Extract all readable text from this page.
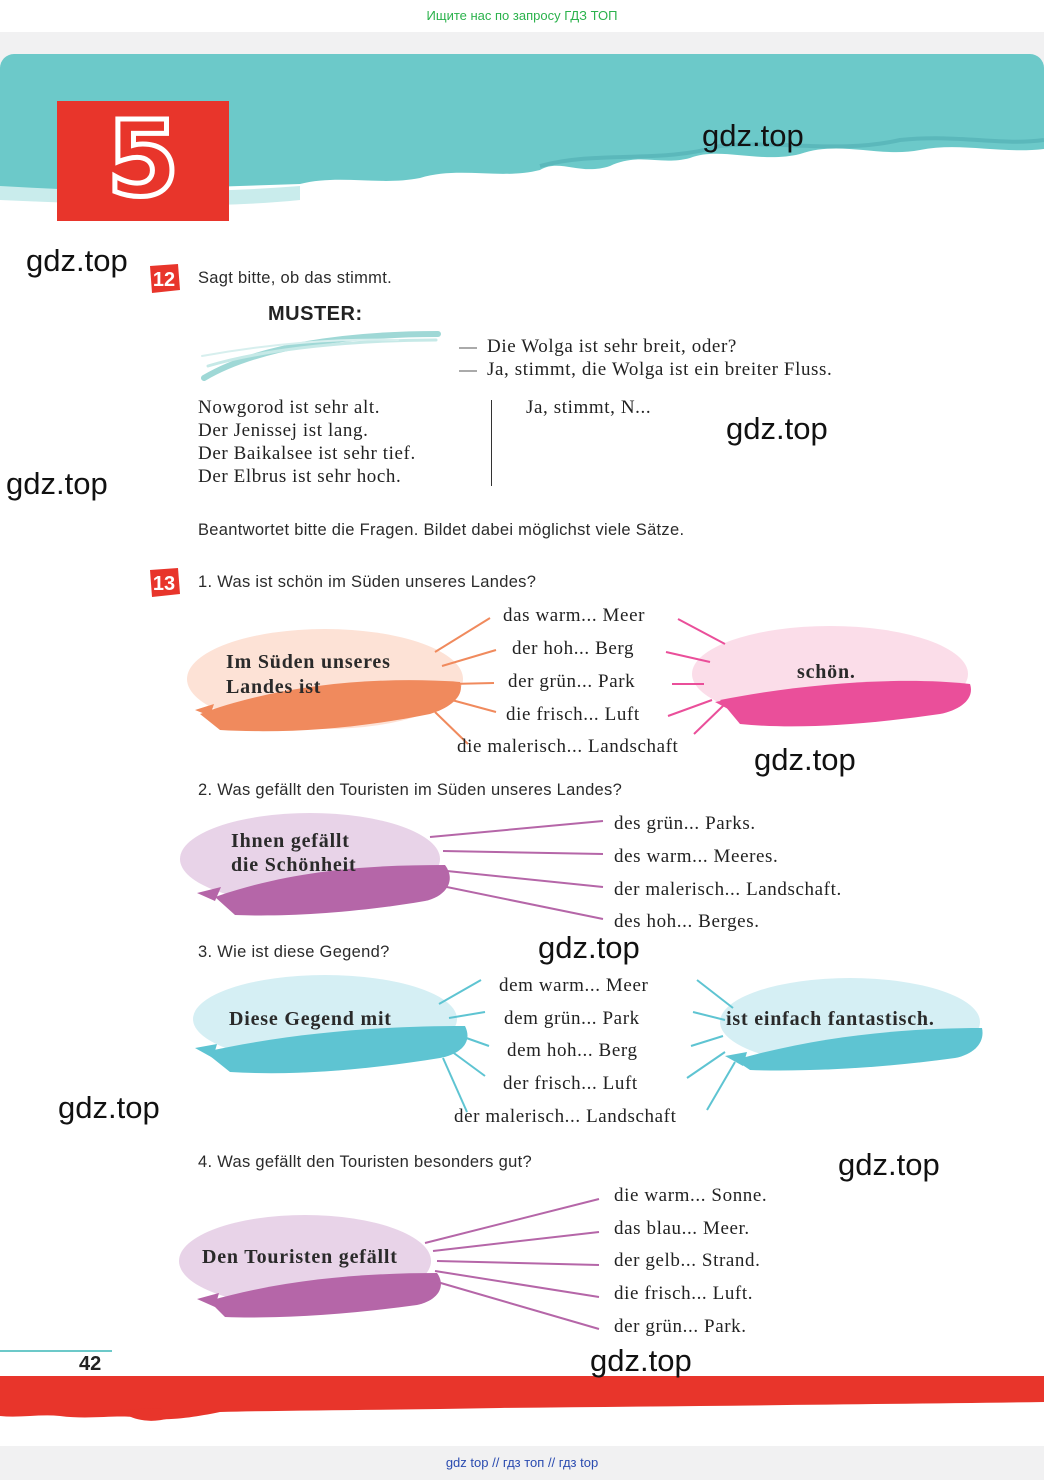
Ищите нас по запросу ГДЗ ТОП
5
12 Sagt bitte, ob das stimmt.
MUSTER:
Die Wolga ist sehr breit, oder?
Ja, stimmt, die Wolga ist ein breiter Fluss.
Nowgorod ist sehr alt.
Der Jenissej ist lang.
Der Baikalsee ist sehr tief.
Der Elbrus ist sehr hoch.
Ja, stimmt, N...
Beantwortet bitte die Fragen. Bildet dabei möglichst viele Sätze.
13 1. Was ist schön im Süden unseres Landes?
Im Süden unseres
Landes ist
das warm... Meer
der hoh... Berg
der grün... Park
die frisch... Luft
die malerisch... Landschaft
schön.
2. Was gefällt den Touristen im Süden unseres Landes?
Ihnen gefällt
die Schönheit
des grün... Parks.
des warm... Meeres.
der malerisch... Landschaft.
des hoh... Berges.
3. Wie ist diese Gegend?
Diese Gegend mit
dem warm... Meer
dem grün... Park
dem hoh... Berg
der frisch... Luft
der malerisch... Landschaft
ist einfach fantastisch.
4. Was gefällt den Touristen besonders gut?
Den Touristen gefällt
die warm... Sonne.
das blau... Meer.
der gelb... Strand.
die frisch... Luft.
der grün... Park.
42
gdz.top
gdz.top
gdz.top
gdz.top
gdz.top
gdz.top
gdz.top
gdz.top
gdz.top
gdz top // гдз топ // гдз top
